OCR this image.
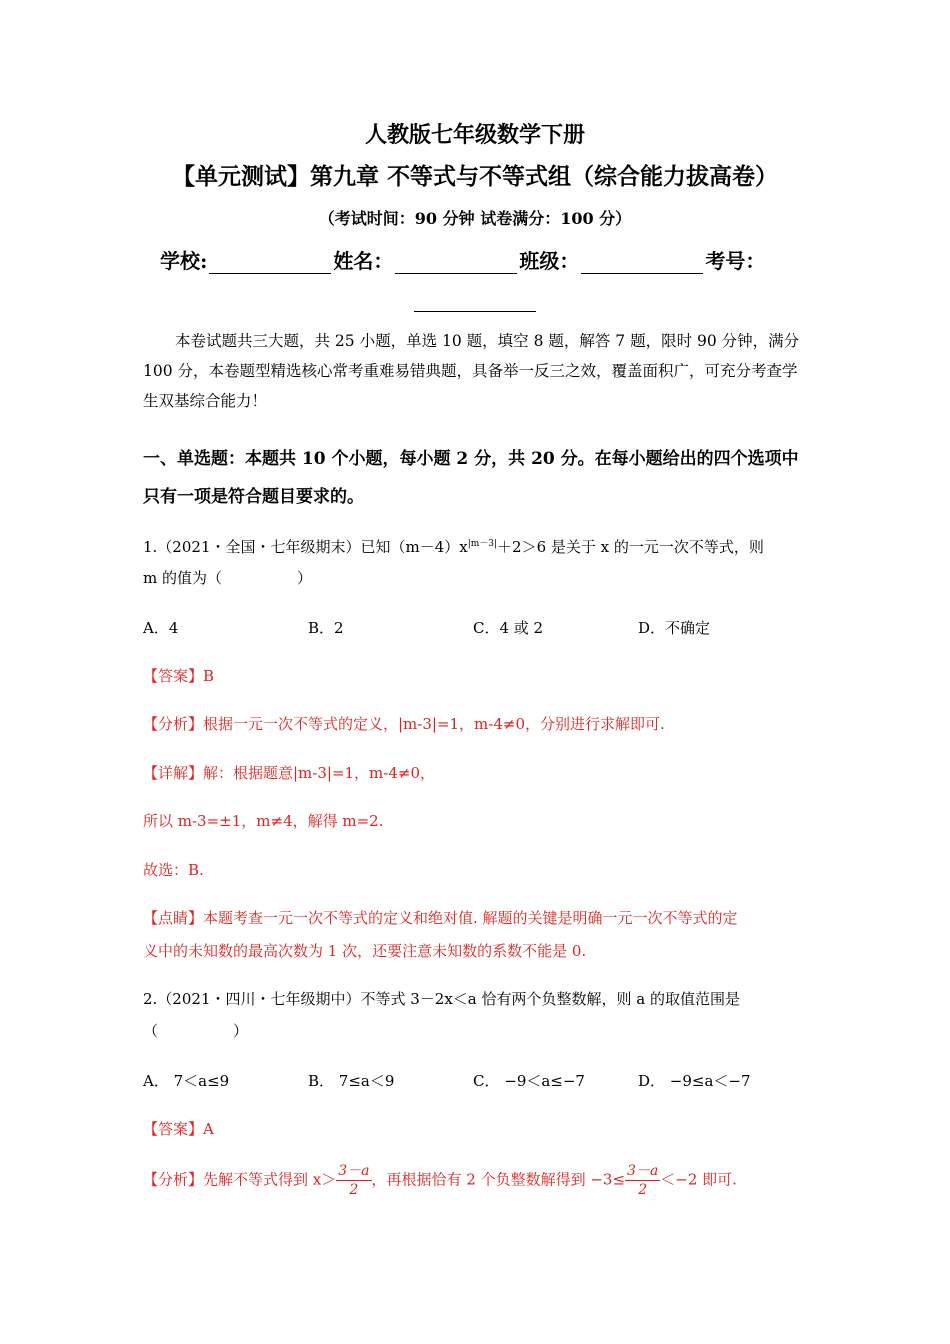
人教版七年级数学下册
【单元测试】第九章 不等式与不等式组（综合能力拔高卷）
（考试时间：90 分钟 试卷满分：100 分）
学校:	姓名：	班级：	考号：
本卷试题共三大题，共 25 小题，单选 10 题，填空 8 题，解答 7 题，限时 90 分钟，满分 100 分，本卷题型精选核心常考重难易错典题，具备举一反三之效，覆盖面积广，可充分考查学生双基综合能力！
一、单选题：本题共 10 个小题，每小题 2 分，共 20 分。在每小题给出的四个选项中只有一项是符合题目要求的。
1.（2021・全国・七年级期末）已知$(m-4)x^{|m-3|}+2>6$ 是关于 x 的一元一次不等式，则
m 的值为（　　　　　）
A．4	B．2	C．4 或 2	D．不确定
【答案】B
【分析】根据一元一次不等式的定义，|m-3|=1，m-4≠0，分别进行求解即可.
【详解】解：根据题意|m-3|=1，m-4≠0，
所以 m-3=±1，m≠4，解得 m=2.
故选：B.
【点睛】本题考查一元一次不等式的定义和绝对值. 解题的关键是明确一元一次不等式的定
义中的未知数的最高次数为 1 次，还要注意未知数的系数不能是 0.
2.（2021・四川・七年级期中）不等式 3－2x＜a 恰有两个负整数解，则 a 的取值范围是
（　　　　　）
A． 7＜a≤9	B． 7≤a＜9	C． −9＜a≤−7	D． −9≤a＜−7
【答案】A
【分析】先解不等式得到 $x> \frac{3-a}{2}$ ，再根据恰有 2 个负整数解得到 $-3\le \frac{3-a}{2} <-2$ 即可.
